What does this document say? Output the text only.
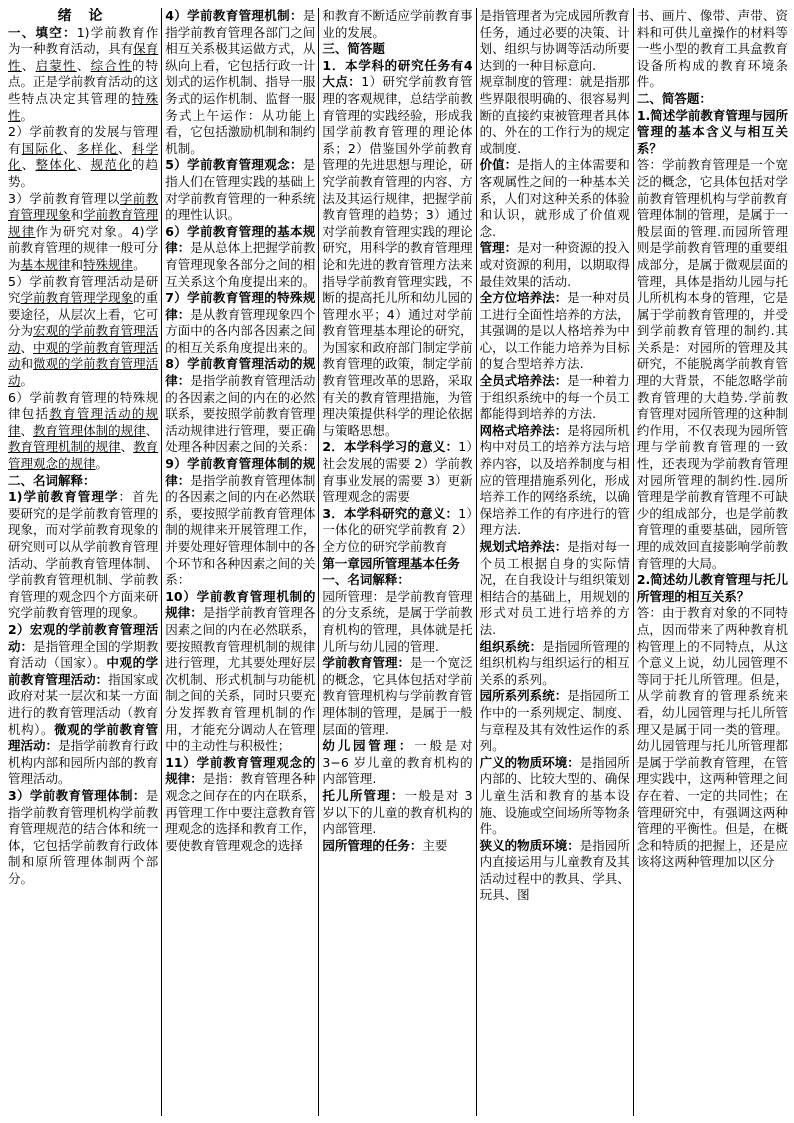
绪 论

一、填空：1)学前教育作为一种教育活动，具有保育性、启蒙性、综合性的特点。正是学前教育活动的这些特点决定其管理的特殊性。

2）学前教育的发展与管理有国际化、多样化、科学化、整体化、规范化的趋势。

3）学前教育管理以学前教育管理现象和学前教育管理规律作为研究对象。4)学前教育管理的规律一般可分为基本规律和特殊规律。

5）学前教育管理活动是研究学前教育管理学现象的重要途径，从层次上看，它可分为宏观的学前教育管理活动、中观的学前教育管理活动和微观的学前教育管理活动。

6）学前教育管理的特殊规律包括教育管理活动的规律、教育管理体制的规律、教育管理机制的规律、教育管理观念的规律。

二、名词解释：

1)学前教育管理学：首先要研究的是学前教育管理的现象，而对学前教育现象的研究则可以从学前教育管理活动、学前教育管理体制、学前教育管理机制、学前教育管理的观念四个方面来研究学前教育管理的现象。

2）宏观的学前教育管理活动：是指管理全国的学期教育活动（国家）。中观的学前教育管理活动：指国家或政府对某一层次和某一方面进行的教育管理活动（教育机构）。微观的学前教育管理活动：是指学前教育行政机构内部和园所内部的教育管理活动。

3）学前教育管理体制：是指学前教育管理机构学前教育管理规范的结合体和统一体，它包括学前教育行政体制和原所管理体制两个部分。

4）学前教育管理机制：是指学前教育管理各部门之间相互关系极其运做方式，从纵向上看，它包括行政一计划式的运作机制、指导一服务式的运作机制、监督一服务式上午运作：从功能上看，它包括激励机制和制约机制。

5）学前教育管理观念：是指人们在管理实践的基础上对学前教育管理的一种系统的理性认识。

6）学前教育管理的基本规律：是从总体上把握学前教育管理现象各部分之间的相互关系这个角度提出来的。

7）学前教育管理的特殊规律：是从教育管理现象四个方面中的各内部各因素之间的相互关系角度提出来的。

8）学前教育管理活动的规律：是指学前教育管理活动的各因素之间的内在的必然联系，要按照学前教育管理活动规律进行管理，要正确处理各种因素之间的关系：

9）学前教育管理体制的规律：是指学前教育管理体制的各因素之间的内在必然联系，要按照学前教育管理体制的规律来开展管理工作，并要处理好管理体制中的各个环节和各种因素之间的关系：

10）学前教育管理机制的规律：是指学前教育管理各因素之间的内在必然联系，要按照教育管理机制的规律进行管理，尤其要处理好层次机制、形式机制与功能机制之间的关系，同时只要充分发挥教育管理机制的作用，才能充分调动人在管理中的主动性与积极性；

11）学前教育管理观念的规律：是指：教育管理各种观念之间存在的内在联系，再管理工作中要注意教育管理观念的选择和教育工作，要使教育管理观念的选择

和教育不断适应学前教育事业的发展。

三、简答题

1．本学科的研究任务有4大点：1）研究学前教育管理的客观规律，总结学前教育管理的实践经验，形成我国学前教育管理的理论体系；2）借鉴国外学前教育管理的先进思想与理论，研究学前教育管理的内容、方法及其运行规律，把握学前教育管理的趋势；3）通过对学前教育管理实践的理论研究，用科学的教育管理理论和先进的教育管理方法来指导学前教育管理实践，不断的提高托儿所和幼儿园的管理水平；4）通过对学前教育管理基本理论的研究，为国家和政府部门制定学前教育管理的政策，制定学前教育管理改革的思路，采取有关的教育管理措施，为管理决策提供科学的理论依据与策略思想。

2．本学科学习的意义：1）社会发展的需要 2）学前教育事业发展的需要 3）更新管理观念的需要

3．本学科研究的意义：1）一体化的研究学前教育 2）全方位的研究学前教育

第一章园所管理基本任务

一、名词解释：

园所管理：是学前教育管理的分支系统，是属于学前教育机构的管理，具体就是托儿所与幼儿园的管理.

学前教育管理：是一个宽泛的概念，它具体包括对学前教育管理机构与学前教育管理体制的管理，是属于一般层面的管理.

幼儿园管理：一般是对 3−6 岁儿童的教育机构的内部管理.

托儿所管理：一般是对 3 岁以下的儿童的教育机构的内部管理.

园所管理的任务：主要

是指管理者为完成园所教育任务，通过必要的决策、计划、组织与协调等活动所要达到的一种目标意向.

规章制度的管理：就是指那些界限很明确的、很容易判断的直接约束被管理者具体的、外在的工作行为的规定或制度.

价值：是指人的主体需要和客观属性之间的一种基本关系，人们对这种关系的体验和认识，就形成了价值观念.

管理：是对一种资源的投入或对资源的利用，以期取得最佳效果的活动.

全方位培养法：是一种对员工进行全面性培养的方法，其强调的是以人格培养为中心，以工作能力培养为目标的复合型培养方法.

全员式培养法：是一种着力于组织系统中的每一个员工都能得到培养的方法.

网格式培养法：是将园所机构中对员工的培养方法与培养内容，以及培养制度与相应的管理措施系列化，形成培养工作的网络系统，以确保培养工作的有序进行的管理方法.

规划式培养法：是指对每一个员工根据自身的实际情况，在自我设计与组织策划相结合的基础上，用规划的形式对员工进行培养的方法.

组织系统：是指园所管理的组织机构与组织运行的相互关系的系列。

园所系列系统：是指园所工作中的一系列规定、制度、与章程及其有效性运作的系列。

广义的物质环境：是指园所内部的、比较大型的、确保儿童生活和教育的基本设施、设施或空间场所等物条件。

狭义的物质环境：是指园所内直接运用与儿童教育及其活动过程中的教具、学具、玩具、图

书、画片、像带、声带、资料和可供儿童操作的材料等一些小型的教育工具盒教育设备所构成的教育环境条件。

二、简答题：

1.简述学前教育管理与园所管理的基本含义与相互关系？

答：学前教育管理是一个宽泛的概念，它具体包括对学前教育管理机构与学前教育管理体制的管理，是属于一般层面的管理.而园所管理则是学前教育管理的重要组成部分，是属于微观层面的管理，具体是指幼儿园与托儿所机构本身的管理，它是属于学前教育管理的，并受到学前教育管理的制约.其关系是：对园所的管理及其研究，不能脱离学前教育管理的大背景，不能忽略学前教育管理的大趋势.学前教育管理对园所管理的这种制约作用，不仅表现为园所管理与学前教育管理的一致性，还表现为学前教育管理对园所管理的制约性.园所管理是学前教育管理不可缺少的组成部分，也是学前教育管理的重要基础，园所管理的成效回直接影响学前教育管理的大局。

2.简述幼儿教育管理与托儿所管理的相互关系？

答：由于教育对象的不同特点，因而带来了两种教育机构管理上的不同特点，从这个意义上说，幼儿园管理不等同于托儿所管理。但是，从学前教育的管理系统来看，幼儿园管理与托儿所管理又是属于同一类的管理。幼儿园管理与托儿所管理都是属于学前教育管理，在管理实践中，这两种管理之间存在着、一定的共同性；在管理研究中，有强调这两种管理的平衡性。但是，在概念和特质的把握上，还是应该将这两种管理加以区分
